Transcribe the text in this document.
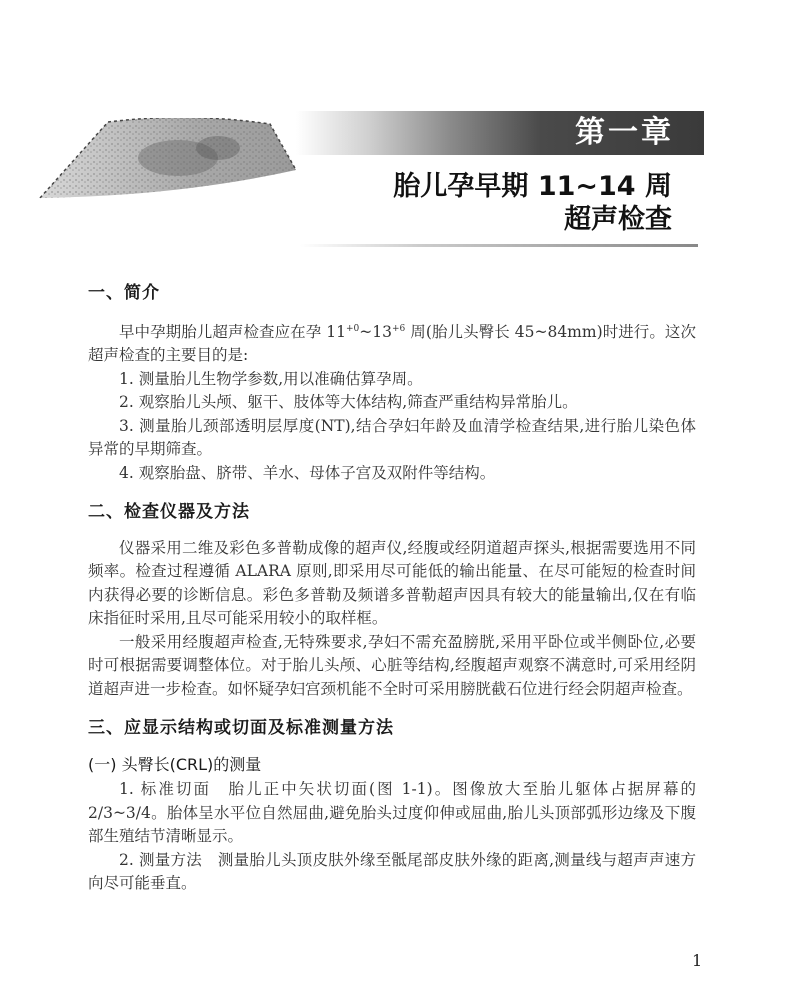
第一章
胎儿孕早期 11~14 周
超声检查
一、简介

早中孕期胎儿超声检查应在孕 $11^{+0}\sim 13^{+6}$ 周(胎儿头臀长 45~84mm)时进行。这次超声检查的主要目的是:

1. 测量胎儿生物学参数,用以准确估算孕周。

2. 观察胎儿头颅、躯干、肢体等大体结构,筛查严重结构异常胎儿。

3. 测量胎儿颈部透明层厚度(NT),结合孕妇年龄及血清学检查结果,进行胎儿染色体异常的早期筛查。

4. 观察胎盘、脐带、羊水、母体子宫及双附件等结构。

二、检查仪器及方法

仪器采用二维及彩色多普勒成像的超声仪,经腹或经阴道超声探头,根据需要选用不同频率。检查过程遵循 ALARA 原则,即采用尽可能低的输出能量、在尽可能短的检查时间内获得必要的诊断信息。彩色多普勒及频谱多普勒超声因具有较大的能量输出,仅在有临床指征时采用,且尽可能采用较小的取样框。

一般采用经腹超声检查,无特殊要求,孕妇不需充盈膀胱,采用平卧位或半侧卧位,必要时可根据需要调整体位。对于胎儿头颅、心脏等结构,经腹超声观察不满意时,可采用经阴道超声进一步检查。如怀疑孕妇宫颈机能不全时可采用膀胱截石位进行经会阴超声检查。

三、应显示结构或切面及标准测量方法
(一) 头臀长(CRL)的测量

1. 标准切面　胎儿正中矢状切面(图 1-1)。图像放大至胎儿躯体占据屏幕的 2/3~3/4。胎体呈水平位自然屈曲,避免胎头过度仰伸或屈曲,胎儿头顶部弧形边缘及下腹部生殖结节清晰显示。

2. 测量方法　测量胎儿头顶皮肤外缘至骶尾部皮肤外缘的距离,测量线与超声声速方向尽可能垂直。

1
